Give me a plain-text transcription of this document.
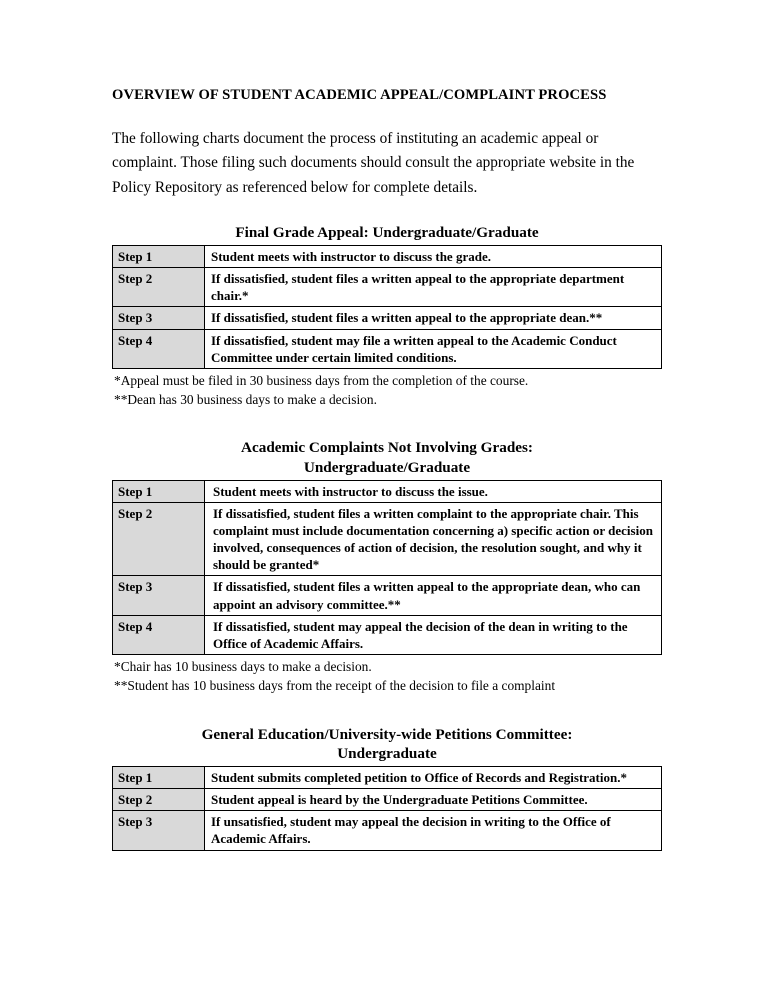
OVERVIEW OF STUDENT ACADEMIC APPEAL/COMPLAINT PROCESS

The following charts document the process of instituting an academic appeal or complaint. Those filing such documents should consult the appropriate website in the Policy Repository as referenced below for complete details.

Final Grade Appeal: Undergraduate/Graduate
Step 1	Student meets with instructor to discuss the grade.
Step 2	If dissatisfied, student files a written appeal to the appropriate department chair.*
Step 3	If dissatisfied, student files a written appeal to the appropriate dean.**
Step 4	If dissatisfied, student may file a written appeal to the Academic Conduct Committee under certain limited conditions.
*Appeal must be filed in 30 business days from the completion of the course.
**Dean has 30 business days to make a decision.
Academic Complaints Not Involving Grades:
Undergraduate/Graduate
Step 1	Student meets with instructor to discuss the issue.
Step 2	If dissatisfied, student files a written complaint to the appropriate chair. This complaint must include documentation concerning a) specific action or decision involved, consequences of action of decision, the resolution sought, and why it should be granted*
Step 3	If dissatisfied, student files a written appeal to the appropriate dean, who can appoint an advisory committee.**
Step 4	If dissatisfied, student may appeal the decision of the dean in writing to the Office of Academic Affairs.
*Chair has 10 business days to make a decision.
**Student has 10 business days from the receipt of the decision to file a complaint
General Education/University-wide Petitions Committee:
Undergraduate
Step 1	Student submits completed petition to Office of Records and Registration.*
Step 2	Student appeal is heard by the Undergraduate Petitions Committee.
Step 3	If unsatisfied, student may appeal the decision in writing to the Office of Academic Affairs.
